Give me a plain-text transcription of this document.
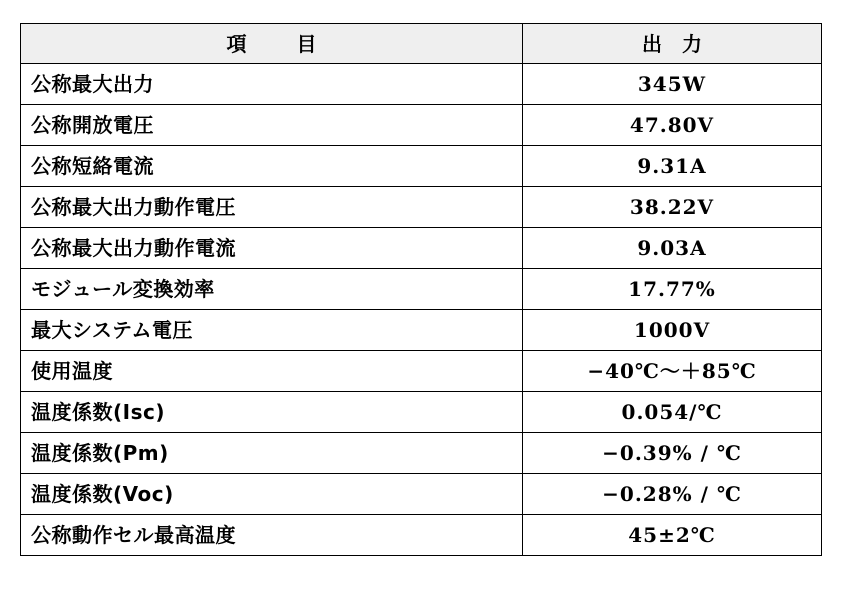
項目	出力
公称最大出力	345W
公称開放電圧	47.80V
公称短絡電流	9.31A
公称最大出力動作電圧	38.22V
公称最大出力動作電流	9.03A
モジュール変換効率	17.77%
最大システム電圧	1000V
使用温度	−40℃～＋85℃
温度係数(Isc)	0.054/℃
温度係数(Pm)	−0.39% / ℃
温度係数(Voc)	−0.28% / ℃
公称動作セル最高温度	45±2℃
